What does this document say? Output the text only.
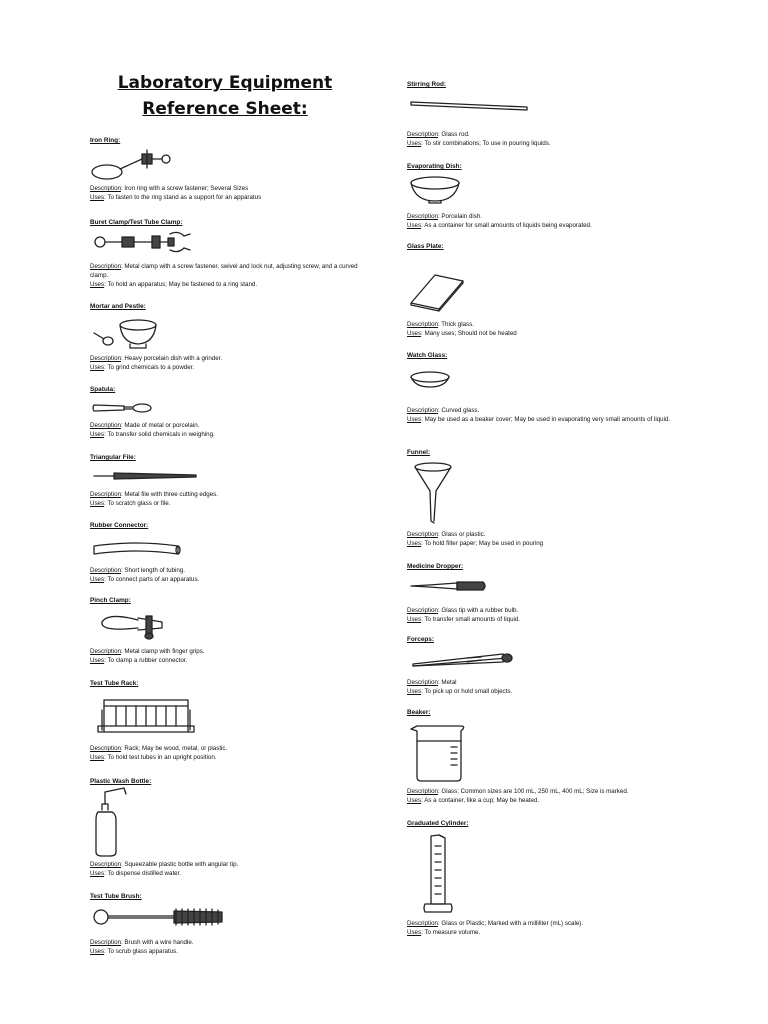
Laboratory Equipment
Reference Sheet:
Iron Ring :
Description: Iron ring with a screw fastener; Several Sizes
Uses: To fasten to the ring stand as a support for an apparatus
Buret Clamp/Test Tube Clamp :
Description: Metal clamp with a screw fastener, swivel and lock nut, adjusting screw, and a curved clamp.
Uses: To hold an apparatus; May be fastened to a ring stand.
Mortar and Pestle :
Description: Heavy porcelain dish with a grinder.
Uses: To grind chemicals to a powder.
Spatula :
Description: Made of metal or porcelain.
Uses: To transfer solid chemicals in weighing.
Triangular File :
Description: Metal file with three cutting edges.
Uses: To scratch glass or file.
Rubber Connector :
Description: Short length of tubing.
Uses: To connect parts of an apparatus.
Pinch Clamp :
Description: Metal clamp with finger grips.
Uses: To clamp a rubber connector.
Test Tube Rack :
Description: Rack; May be wood, metal, or plastic.
Uses: To hold test tubes in an upright position.
Plastic Wash Bottle :
Description: Squeezable plastic bottle with angular tip.
Uses: To dispense distilled water.
Test Tube Brush :
Description: Brush with a wire handle.
Uses: To scrub glass apparatus.
Stirring Rod :
Description: Glass rod.
Uses: To stir combinations; To use in pouring liquids.
Evaporating Dish :
Description: Porcelain dish.
Uses: As a container for small amounts of liquids being evaporated.
Glass Plate :
Description: Thick glass.
Uses: Many uses; Should not be heated
Watch Glass :
Description: Curved glass.
Uses: May be used as a beaker cover; May be used in evaporating very small amounts of liquid.
Funnel :
Description: Glass or plastic.
Uses: To hold filter paper; May be used in pouring
Medicine Dropper :
Description: Glass tip with a rubber bulb.
Uses: To transfer small amounts of liquid.
Forceps :
Description: Metal
Uses: To pick up or hold small objects.
Beaker :
Description: Glass; Common sizes are 100 mL, 250 mL, 400 mL; Size is marked.
Uses: As a container, like a cup; May be heated.
Graduated Cylinder :
Description: Glass or Plastic; Marked with a milliliter (mL) scale).
Uses: To measure volume.
